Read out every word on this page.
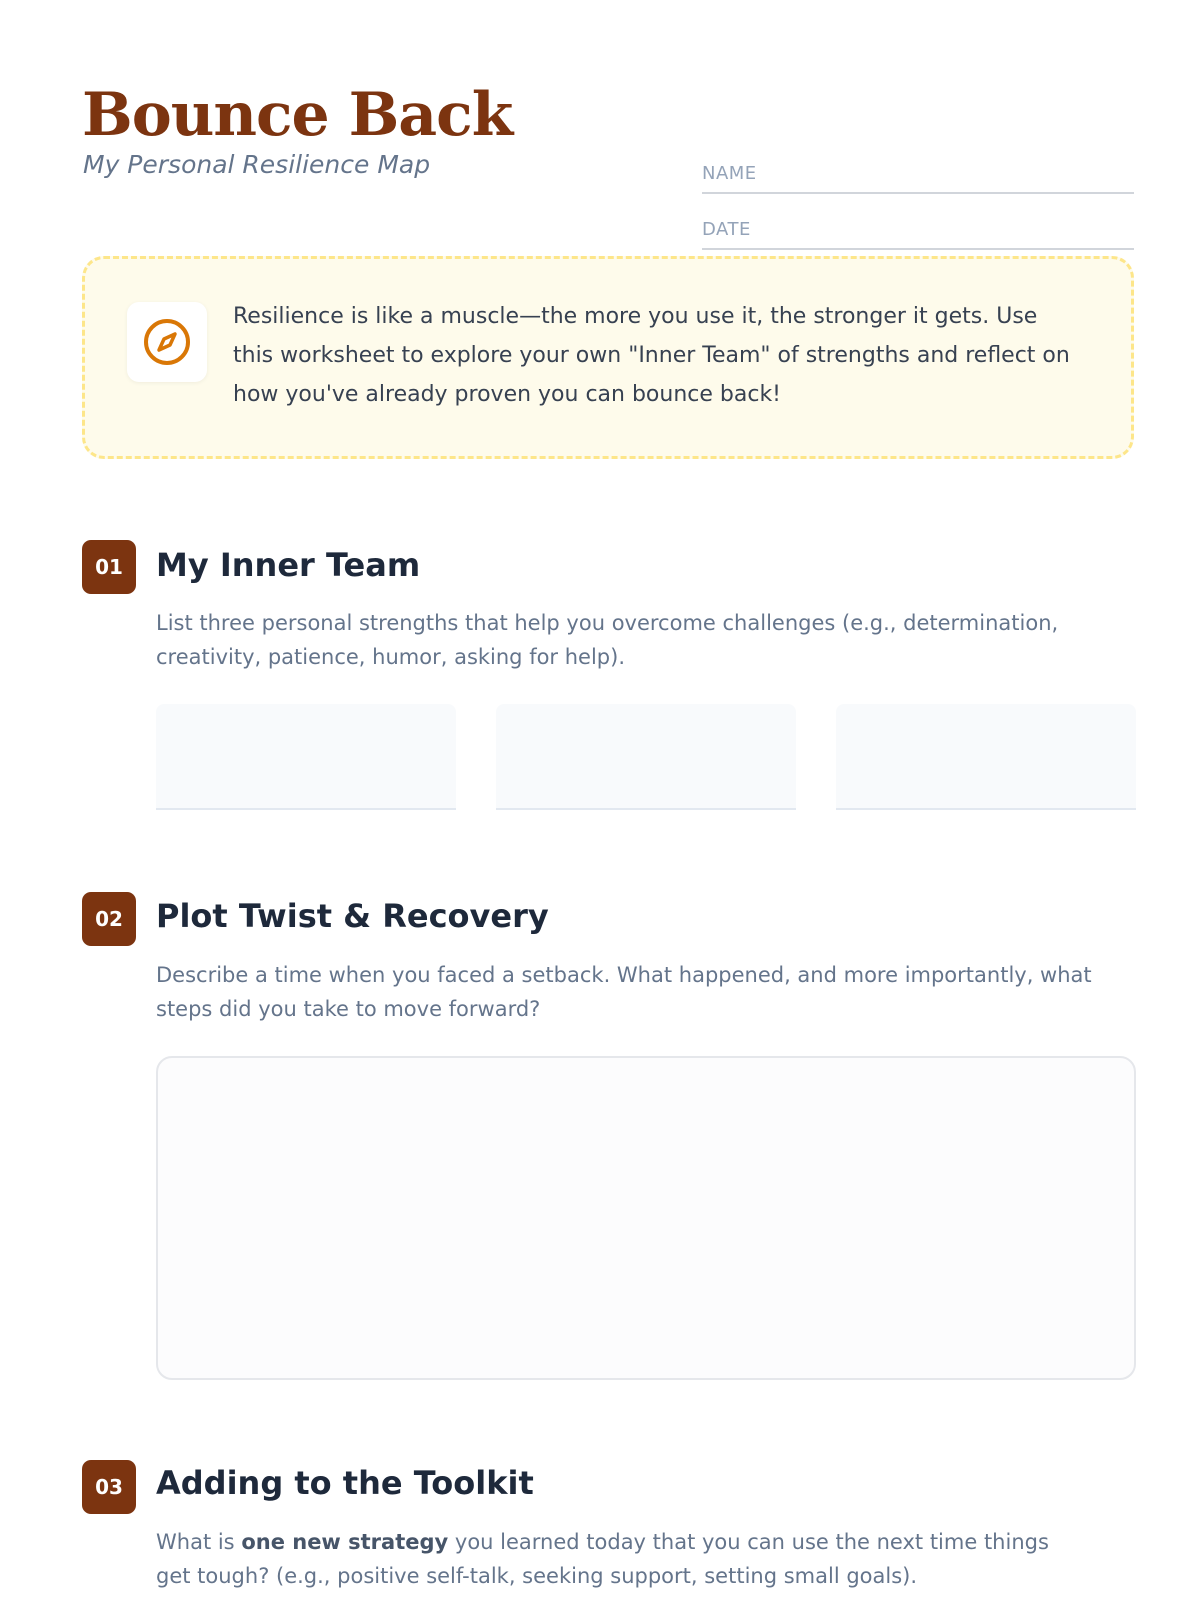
Bounce Back
My Personal Resilience Map	NAME
DATE

Resilience is like a muscle—the more you use it, the stronger it gets. Use this worksheet to explore your own "Inner Team" of strengths and reflect on how you've already proven you can bounce back!

01	My Inner Team

List three personal strengths that help you overcome challenges (e.g., determination, creativity, patience, humor, asking for help).

02	Plot Twist & Recovery

Describe a time when you faced a setback. What happened, and more importantly, what steps did you take to move forward?

03	Adding to the Toolkit

What is one new strategy you learned today that you can use the next time things get tough? (e.g., positive self-talk, seeking support, setting small goals).
